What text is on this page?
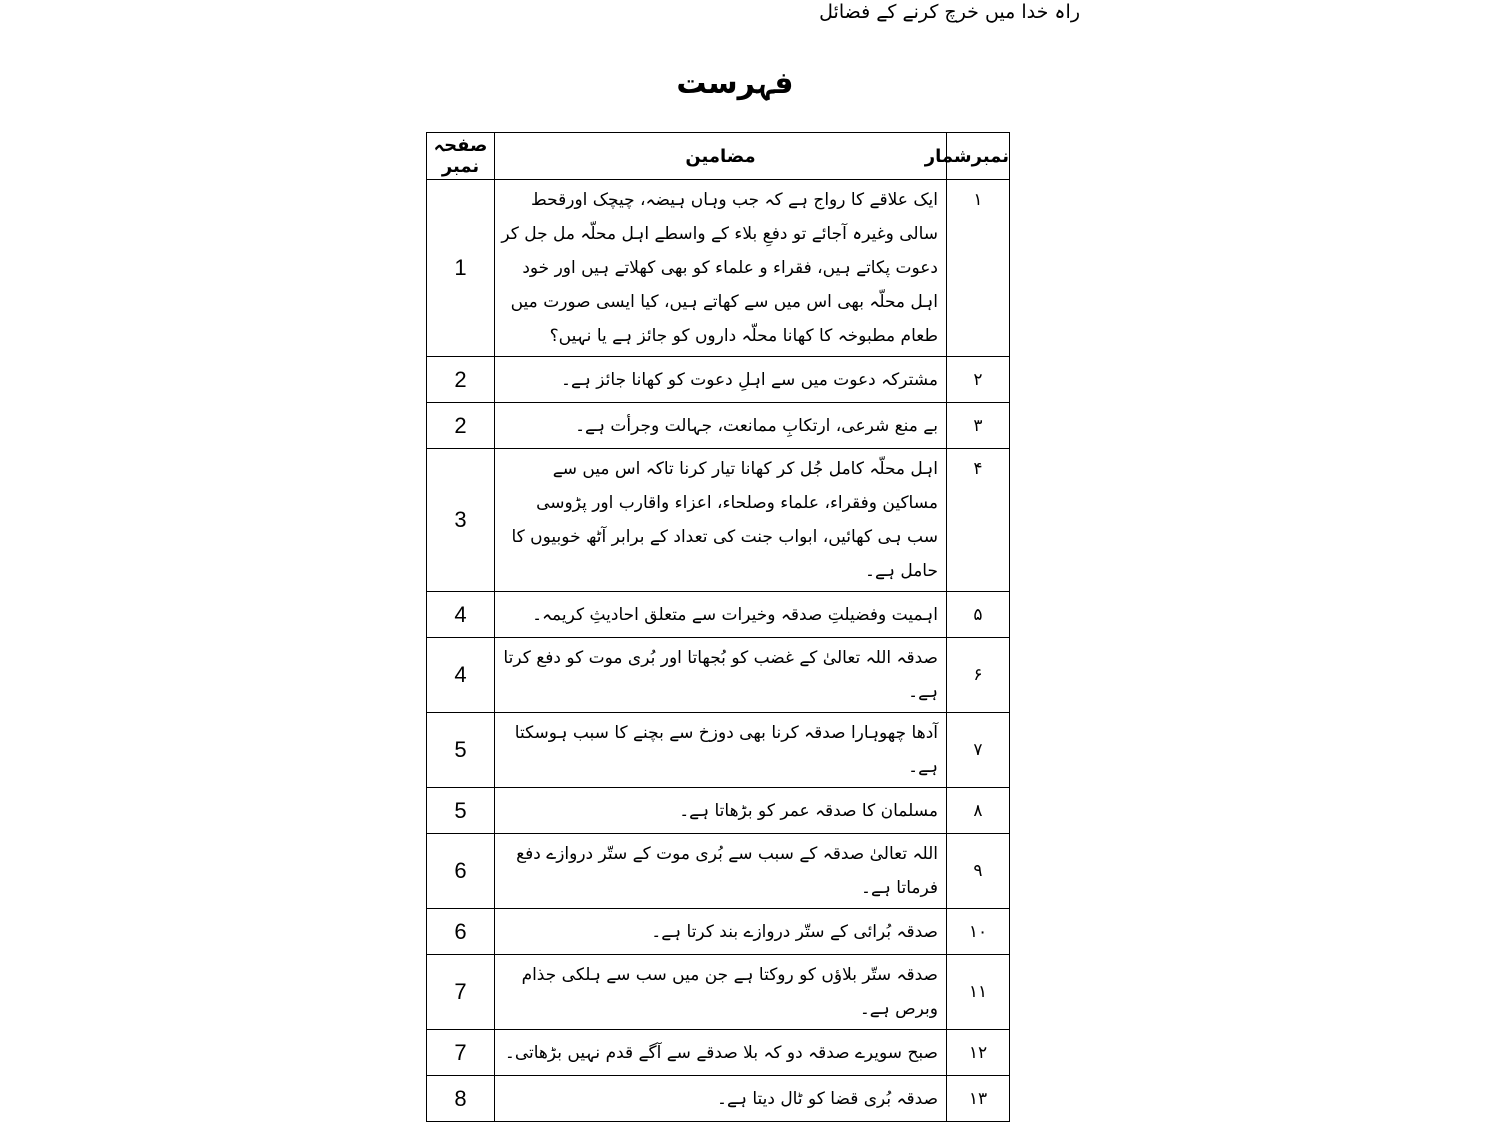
راہ خدا میں خرچ کرنے کے فضائل
فہرست
نمبرشمار	مضامین	صفحہ نمبر
۱	ایک علاقے کا رواج ہے کہ جب وہاں ہیضہ، چیچک اورقحط سالی وغیرہ آجائے تو دفعِ بلاء کے واسطے اہل محلّہ مل جل کر دعوت پکاتے ہیں، فقراء و علماء کو بھی کھلاتے ہیں اور خود اہل محلّہ بھی اس میں سے کھاتے ہیں، کیا ایسی صورت میں طعام مطبوخہ کا کھانا محلّہ داروں کو جائز ہے یا نہیں؟	1
۲	مشترکہ دعوت میں سے اہلِ دعوت کو کھانا جائز ہے۔	2
۳	بے منع شرعی، ارتکابِ ممانعت، جہالت وجرأت ہے۔	2
۴	اہل محلّہ کامل جُل کر کھانا تیار کرنا تاکہ اس میں سے مساکین وفقراء، علماء وصلحاء، اعزاء واقارب اور پڑوسی سب ہی کھائیں، ابواب جنت کی تعداد کے برابر آٹھ خوبیوں کا حامل ہے۔	3
۵	اہمیت وفضیلتِ صدقہ وخیرات سے متعلق احادیثِ کریمہ۔	4
۶	صدقہ اللہ تعالیٰ کے غضب کو بُجھاتا اور بُری موت کو دفع کرتا ہے۔	4
۷	آدھا چھوہارا صدقہ کرنا بھی دوزخ سے بچنے کا سبب ہوسکتا ہے۔	5
۸	مسلمان کا صدقہ عمر کو بڑھاتا ہے۔	5
۹	اللہ تعالیٰ صدقہ کے سبب سے بُری موت کے ستّر دروازے دفع فرماتا ہے۔	6
۱۰	صدقہ بُرائی کے ستّر دروازے بند کرتا ہے۔	6
۱۱	صدقہ ستّر بلاؤں کو روکتا ہے جن میں سب سے ہلکی جذام وبرص ہے۔	7
۱۲	صبح سویرے صدقہ دو کہ بلا صدقے سے آگے قدم نہیں بڑھاتی۔	7
۱۳	صدقہ بُری قضا کو ٹال دیتا ہے۔	8
